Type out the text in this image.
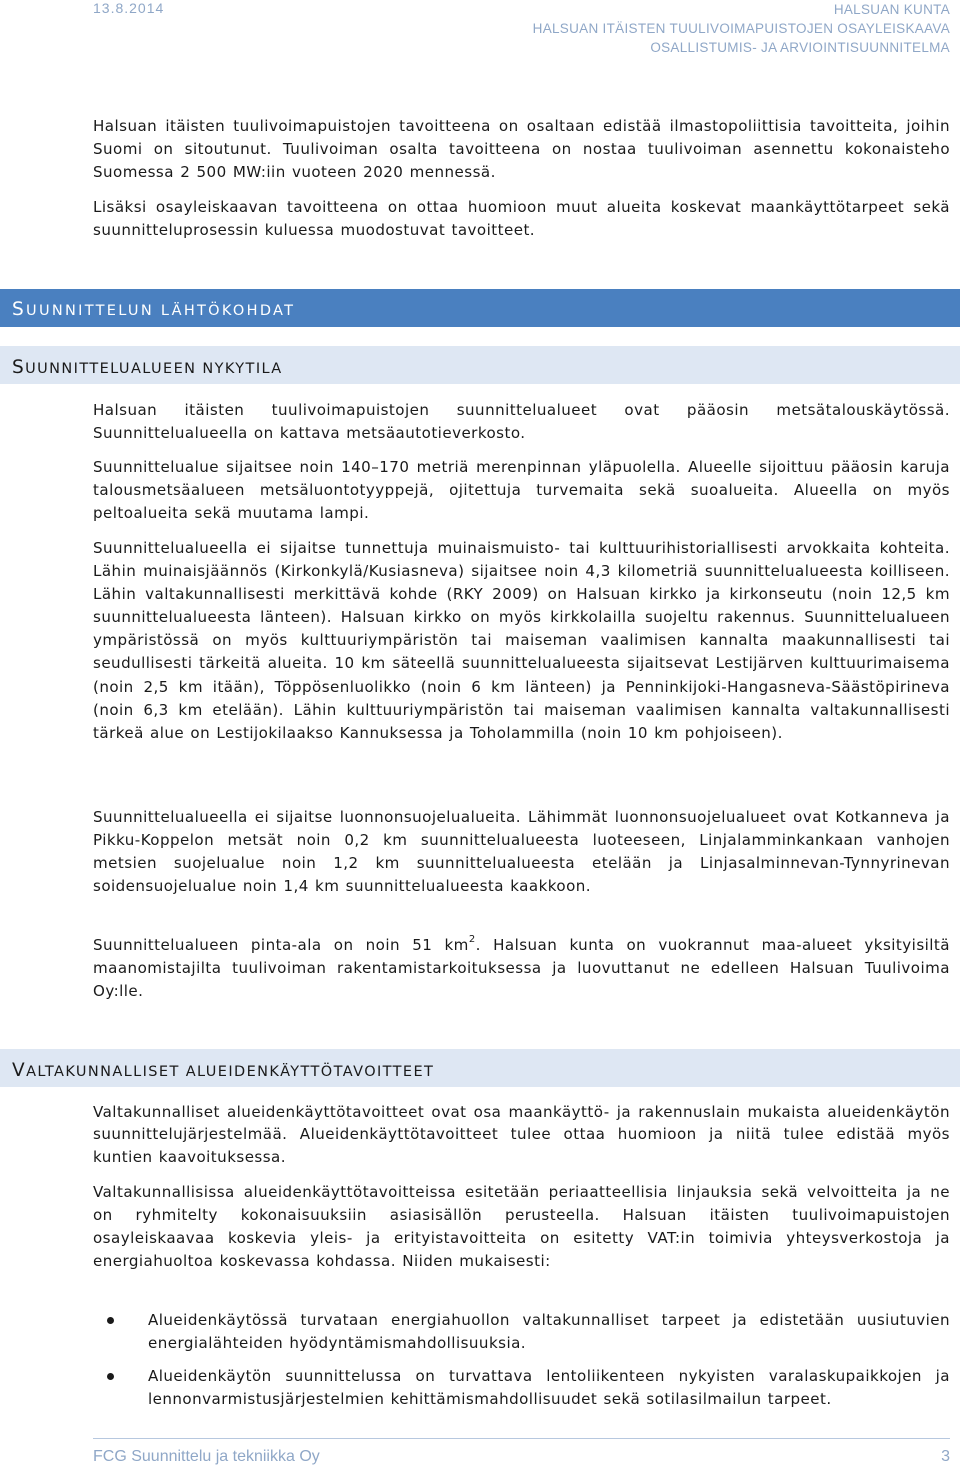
13.8.2014	HALSUAN KUNTA
HALSUAN ITÄISTEN TUULIVOIMAPUISTOJEN OSAYLEISKAAVA
OSALLISTUMIS- JA ARVIOINTISUUNNITELMA

Halsuan itäisten tuulivoimapuistojen tavoitteena on osaltaan edistää ilmastopoliittisia tavoitteita, joihin Suomi on sitoutunut. Tuulivoiman osalta tavoitteena on nostaa tuulivoiman asennettu kokonaisteho Suomessa 2 500 MW:iin vuoteen 2020 mennessä.

Lisäksi osayleiskaavan tavoitteena on ottaa huomioon muut alueita koskevat maankäyttötarpeet sekä suunnitteluprosessin kuluessa muodostuvat tavoitteet.

SUUNNITTELUN LÄHTÖKOHDAT
SUUNNITTELUALUEEN NYKYTILA

Halsuan itäisten tuulivoimapuistojen suunnittelualueet ovat pääosin metsätalouskäytössä. Suunnittelualueella on kattava metsäautotieverkosto.

Suunnittelualue sijaitsee noin 140–170 metriä merenpinnan yläpuolella. Alueelle sijoittuu pääosin karuja talousmetsäalueen metsäluontotyyppejä, ojitettuja turvemaita sekä suoalueita. Alueella on myös peltoalueita sekä muutama lampi.

Suunnittelualueella ei sijaitse tunnettuja muinaismuisto- tai kulttuurihistoriallisesti arvokkaita kohteita. Lähin muinaisjäännös (Kirkonkylä/Kusiasneva) sijaitsee noin 4,3 kilometriä suunnittelualueesta koilliseen. Lähin valtakunnallisesti merkittävä kohde (RKY 2009) on Halsuan kirkko ja kirkonseutu (noin 12,5 km suunnittelualueesta länteen). Halsuan kirkko on myös kirkkolailla suojeltu rakennus. Suunnittelualueen ympäristössä on myös kulttuuriympäristön tai maiseman vaalimisen kannalta maakunnallisesti tai seudullisesti tärkeitä alueita. 10 km säteellä suunnittelualueesta sijaitsevat Lestijärven kulttuurimaisema (noin 2,5 km itään), Töppösenluolikko (noin 6 km länteen) ja Penninkijoki-Hangasneva-Säästöpirineva (noin 6,3 km etelään). Lähin kulttuuriympäristön tai maiseman vaalimisen kannalta valtakunnallisesti tärkeä alue on Lestijokilaakso Kannuksessa ja Toholammilla (noin 10 km pohjoiseen).

Suunnittelualueella ei sijaitse luonnonsuojelualueita. Lähimmät luonnonsuojelualueet ovat Kotkanneva ja Pikku-Koppelon metsät noin 0,2 km suunnittelualueesta luoteeseen, Linjalamminkankaan vanhojen metsien suojelualue noin 1,2 km suunnittelualueesta etelään ja Linjasalminnevan-Tynnyrinevan soidensuojelualue noin 1,4 km suunnittelualueesta kaakkoon.

Suunnittelualueen pinta-ala on noin 51 $km^2$. Halsuan kunta on vuokrannut maa-alueet yksityisiltä maanomistajilta tuulivoiman rakentamistarkoituksessa ja luovuttanut ne edelleen Halsuan Tuulivoima Oy:lle.

VALTAKUNNALLISET ALUEIDENKÄYTTÖTAVOITTEET

Valtakunnalliset alueidenkäyttötavoitteet ovat osa maankäyttö- ja rakennuslain mukaista alueidenkäytön suunnittelujärjestelmää. Alueidenkäyttötavoitteet tulee ottaa huomioon ja niitä tulee edistää myös kuntien kaavoituksessa.

Valtakunnallisissa alueidenkäyttötavoitteissa esitetään periaatteellisia linjauksia sekä velvoitteita ja ne on ryhmitelty kokonaisuuksiin asiasisällön perusteella. Halsuan itäisten tuulivoimapuistojen osayleiskaavaa koskevia yleis- ja erityistavoitteita on esitetty VAT:in toimivia yhteysverkostoja ja energiahuoltoa koskevassa kohdassa. Niiden mukaisesti:

Alueidenkäytössä turvataan energiahuollon valtakunnalliset tarpeet ja edistetään uusiutuvien energialähteiden hyödyntämismahdollisuuksia.
Alueidenkäytön suunnittelussa on turvattava lentoliikenteen nykyisten varalaskupaikkojen ja lennonvarmistusjärjestelmien kehittämismahdollisuudet sekä sotilasilmailun tarpeet.
FCG Suunnittelu ja tekniikka Oy	3
